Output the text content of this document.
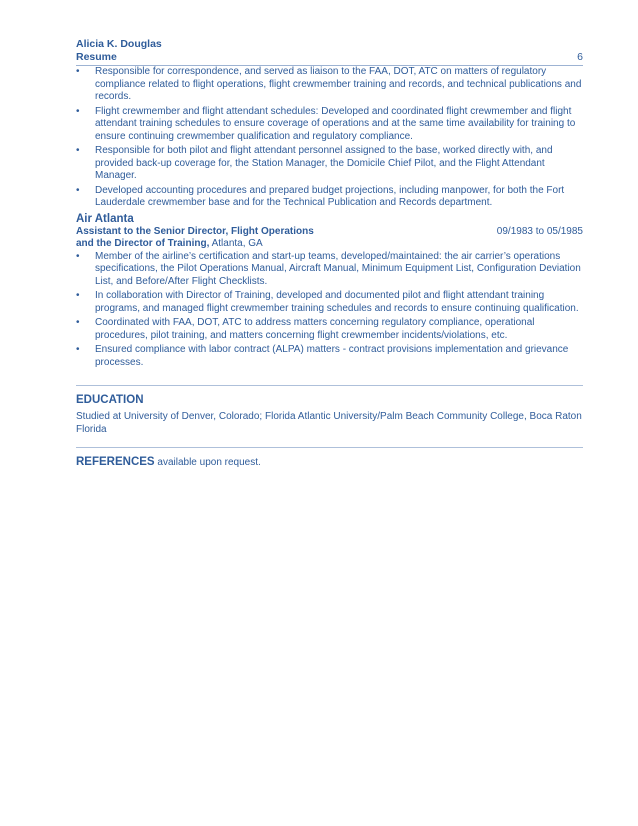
Alicia K. Douglas
Resume	6
• Responsible for correspondence, and served as liaison to the FAA, DOT, ATC on matters of regulatory compliance related to flight operations, flight crewmember training and records, and technical publications and records.
• Flight crewmember and flight attendant schedules: Developed and coordinated flight crewmember and flight attendant training schedules to ensure coverage of operations and at the same time availability for training to ensure continuing crewmember qualification and regulatory compliance.
• Responsible for both pilot and flight attendant personnel assigned to the base, worked directly with, and provided back-up coverage for, the Station Manager, the Domicile Chief Pilot, and the Flight Attendant Manager.
• Developed accounting procedures and prepared budget projections, including manpower, for both the Fort Lauderdale crewmember base and for the Technical Publication and Records department.
Air Atlanta
Assistant to the Senior Director, Flight Operations	09/1983 to 05/1985
and the Director of Training, Atlanta, GA
• Member of the airline’s certification and start-up teams, developed/maintained: the air carrier’s operations specifications, the Pilot Operations Manual, Aircraft Manual, Minimum Equipment List, Configuration Deviation List, and Before/After Flight Checklists.
• In collaboration with Director of Training, developed and documented pilot and flight attendant training programs, and managed flight crewmember training schedules and records to ensure continuing qualification.
• Coordinated with FAA, DOT, ATC to address matters concerning regulatory compliance, operational procedures, pilot training, and matters concerning flight crewmember incidents/violations, etc.
• Ensured compliance with labor contract (ALPA) matters - contract provisions implementation and grievance processes.
EDUCATION
Studied at University of Denver, Colorado; Florida Atlantic University/Palm Beach Community College, Boca Raton Florida
REFERENCES available upon request.
